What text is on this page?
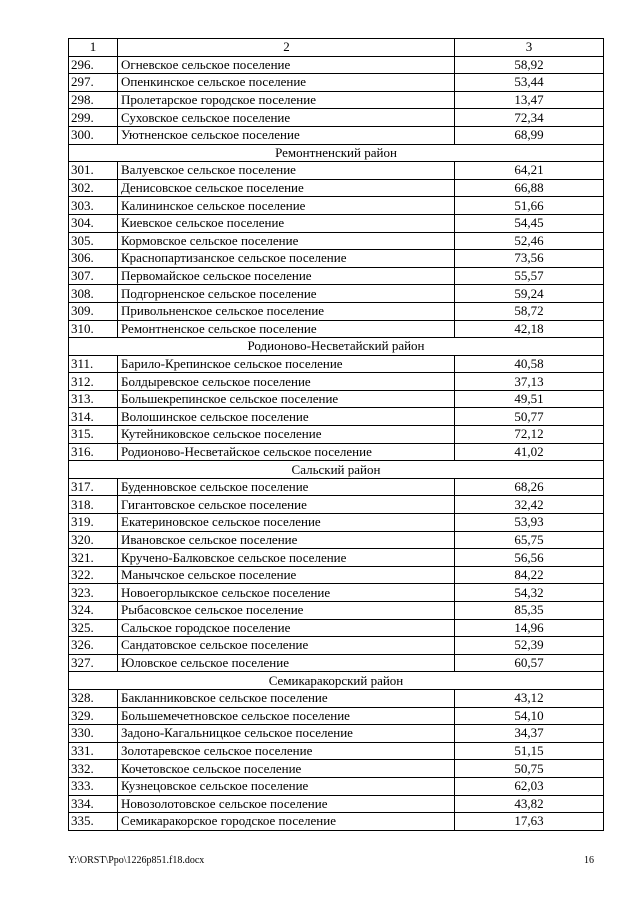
1	2	3
296.	Огневское сельское поселение	58,92
297.	Опенкинское сельское поселение	53,44
298.	Пролетарское городское поселение	13,47
299.	Суховское сельское поселение	72,34
300.	Уютненское сельское поселение	68,99
Ремонтненский район		
301.	Валуевское сельское поселение	64,21
302.	Денисовское сельское поселение	66,88
303.	Калининское сельское поселение	51,66
304.	Киевское сельское поселение	54,45
305.	Кормовское сельское поселение	52,46
306.	Краснопартизанское сельское поселение	73,56
307.	Первомайское сельское поселение	55,57
308.	Подгорненское сельское поселение	59,24
309.	Привольненское сельское поселение	58,72
310.	Ремонтненское сельское поселение	42,18
Родионово-Несветайский район		
311.	Барило-Крепинское сельское поселение	40,58
312.	Болдыревское сельское поселение	37,13
313.	Большекрепинское сельское поселение	49,51
314.	Волошинское сельское поселение	50,77
315.	Кутейниковское сельское поселение	72,12
316.	Родионово-Несветайское сельское поселение	41,02
Сальский район		
317.	Буденновское сельское поселение	68,26
318.	Гигантовское сельское поселение	32,42
319.	Екатериновское сельское поселение	53,93
320.	Ивановское сельское поселение	65,75
321.	Кручено-Балковское сельское поселение	56,56
322.	Манычское сельское поселение	84,22
323.	Новоегорлыкское сельское поселение	54,32
324.	Рыбасовское сельское поселение	85,35
325.	Сальское городское поселение	14,96
326.	Сандатовское сельское поселение	52,39
327.	Юловское сельское поселение	60,57
Семикаракорский район		
328.	Бакланниковское сельское поселение	43,12
329.	Большемечетновское сельское поселение	54,10
330.	Задоно-Кагальницкое сельское поселение	34,37
331.	Золотаревское сельское поселение	51,15
332.	Кочетовское сельское поселение	50,75
333.	Кузнецовское сельское поселение	62,03
334.	Новозолотовское сельское поселение	43,82
335.	Семикаракорское городское поселение	17,63
Y:\ORST\Ppo\1226p851.f18.docx	16
